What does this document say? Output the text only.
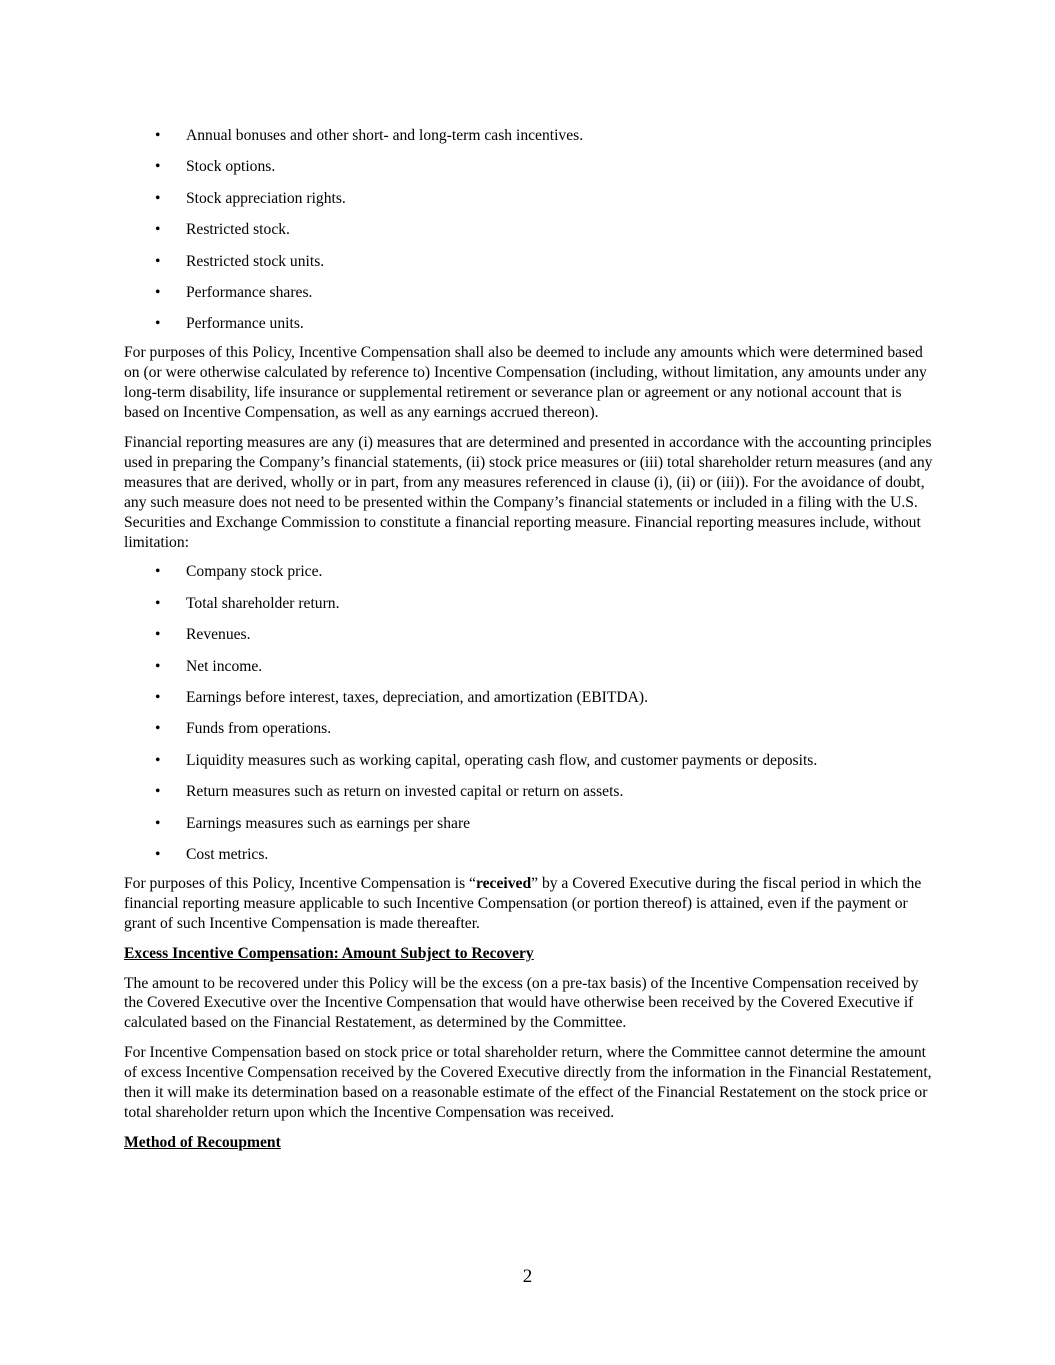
• Annual bonuses and other short- and long-term cash incentives.
• Stock options.
• Stock appreciation rights.
• Restricted stock.
• Restricted stock units.
• Performance shares.
• Performance units.

For purposes of this Policy, Incentive Compensation shall also be deemed to include any amounts which were determined based on (or were otherwise calculated by reference to) Incentive Compensation (including, without limitation, any amounts under any long-term disability, life insurance or supplemental retirement or severance plan or agreement or any notional account that is based on Incentive Compensation, as well as any earnings accrued thereon).

Financial reporting measures are any (i) measures that are determined and presented in accordance with the accounting principles used in preparing the Company’s financial statements, (ii) stock price measures or (iii) total shareholder return measures (and any measures that are derived, wholly or in part, from any measures referenced in clause (i), (ii) or (iii)). For the avoidance of doubt, any such measure does not need to be presented within the Company’s financial statements or included in a filing with the U.S. Securities and Exchange Commission to constitute a financial reporting measure. Financial reporting measures include, without limitation:

• Company stock price.
• Total shareholder return.
• Revenues.
• Net income.
• Earnings before interest, taxes, depreciation, and amortization (EBITDA).
• Funds from operations.
• Liquidity measures such as working capital, operating cash flow, and customer payments or deposits.
• Return measures such as return on invested capital or return on assets.
• Earnings measures such as earnings per share
• Cost metrics.

For purposes of this Policy, Incentive Compensation is “received” by a Covered Executive during the fiscal period in which the financial reporting measure applicable to such Incentive Compensation (or portion thereof) is attained, even if the payment or grant of such Incentive Compensation is made thereafter.

Excess Incentive Compensation: Amount Subject to Recovery

The amount to be recovered under this Policy will be the excess (on a pre-tax basis) of the Incentive Compensation received by the Covered Executive over the Incentive Compensation that would have otherwise been received by the Covered Executive if calculated based on the Financial Restatement, as determined by the Committee.

For Incentive Compensation based on stock price or total shareholder return, where the Committee cannot determine the amount of excess Incentive Compensation received by the Covered Executive directly from the information in the Financial Restatement, then it will make its determination based on a reasonable estimate of the effect of the Financial Restatement on the stock price or total shareholder return upon which the Incentive Compensation was received.

Method of Recoupment
2
